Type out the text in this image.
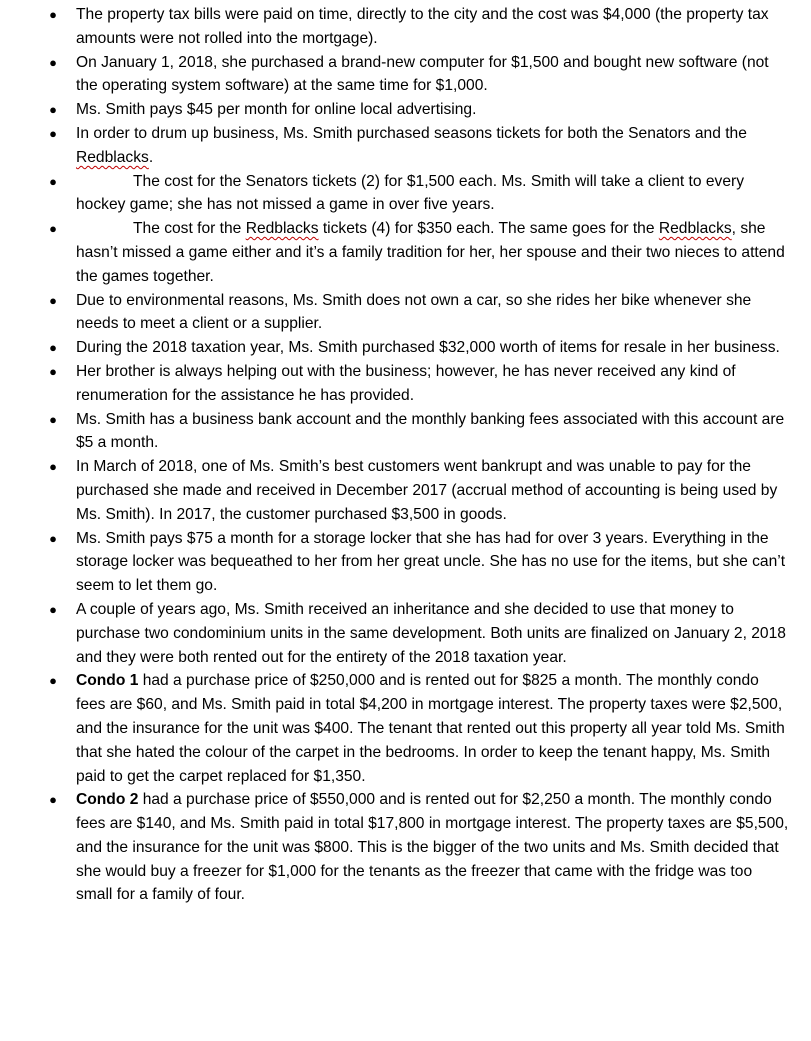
● The property tax bills were paid on time, directly to the city and the cost was $4,000 (the property tax amounts were not rolled into the mortgage).
● On January 1, 2018, she purchased a brand-new computer for $1,500 and bought new software (not the operating system software) at the same time for $1,000.
● Ms. Smith pays $45 per month for online local advertising.
● In order to drum up business, Ms. Smith purchased seasons tickets for both the Senators and the Redblacks.
●	The cost for the Senators tickets (2) for $1,500 each. Ms. Smith will take a client to every hockey game; she has not missed a game in over five years.
●	The cost for the Redblacks tickets (4) for $350 each. The same goes for the Redblacks, she hasn’t missed a game either and it’s a family tradition for her, her spouse and their two nieces to attend the games together.
● Due to environmental reasons, Ms. Smith does not own a car, so she rides her bike whenever she needs to meet a client or a supplier.
● During the 2018 taxation year, Ms. Smith purchased $32,000 worth of items for resale in her business.
● Her brother is always helping out with the business; however, he has never received any kind of renumeration for the assistance he has provided.
● Ms. Smith has a business bank account and the monthly banking fees associated with this account are $5 a month.
● In March of 2018, one of Ms. Smith’s best customers went bankrupt and was unable to pay for the purchased she made and received in December 2017 (accrual method of accounting is being used by Ms. Smith). In 2017, the customer purchased $3,500 in goods.
● Ms. Smith pays $75 a month for a storage locker that she has had for over 3 years. Everything in the storage locker was bequeathed to her from her great uncle. She has no use for the items, but she can’t seem to let them go.
● A couple of years ago, Ms. Smith received an inheritance and she decided to use that money to purchase two condominium units in the same development. Both units are finalized on January 2, 2018 and they were both rented out for the entirety of the 2018 taxation year.
● Condo 1 had a purchase price of $250,000 and is rented out for $825 a month. The monthly condo fees are $60, and Ms. Smith paid in total $4,200 in mortgage interest. The property taxes were $2,500, and the insurance for the unit was $400. The tenant that rented out this property all year told Ms. Smith that she hated the colour of the carpet in the bedrooms. In order to keep the tenant happy, Ms. Smith paid to get the carpet replaced for $1,350.
● Condo 2 had a purchase price of $550,000 and is rented out for $2,250 a month. The monthly condo fees are $140, and Ms. Smith paid in total $17,800 in mortgage interest. The property taxes are $5,500, and the insurance for the unit was $800. This is the bigger of the two units and Ms. Smith decided that she would buy a freezer for $1,000 for the tenants as the freezer that came with the fridge was too small for a family of four.
